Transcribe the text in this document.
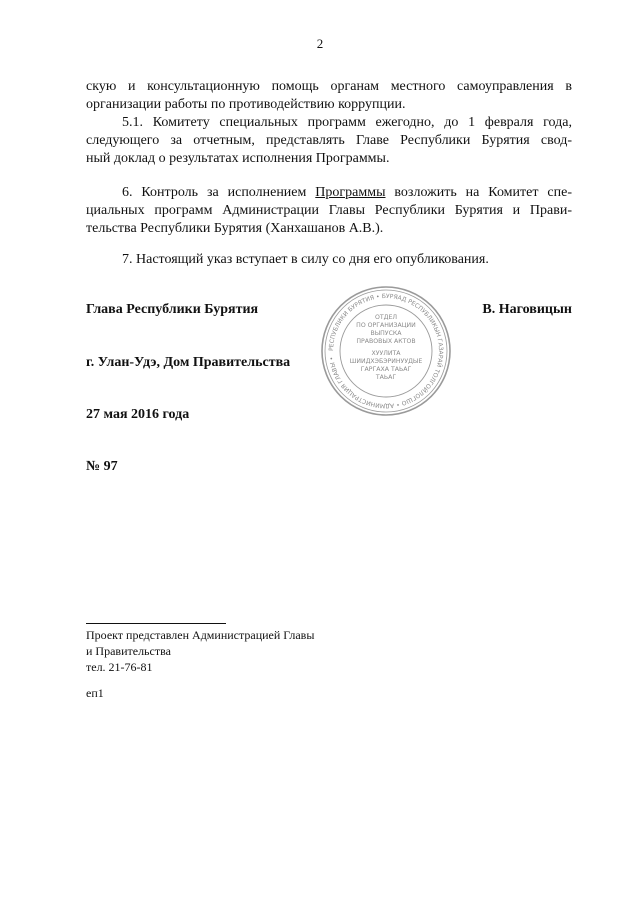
2
скую и консультационную помощь органам местного самоуправления в
организации работы по противодействию коррупции.
5.1. Комитету специальных программ ежегодно, до 1 февраля года,
следующего за отчетным, представлять Главе Республики Бурятия свод-
ный доклад о результатах исполнения Программы.
6. Контроль за исполнением Программы возложить на Комитет спе-
циальных программ Администрации Главы Республики Бурятия и Прави-
тельства Республики Бурятия (Ханхашанов А.В.).
7. Настоящий указ вступает в силу со дня его опубликования.
Глава Республики Бурятия	В. Наговицын
г. Улан-Удэ, Дом Правительства
27 мая 2016 года
№ 97
РЕСПУБЛИКИ БУРЯТИЯ • БУРЯАД РЕСПУБЛИКЫН ГАЗАРАЙ ТОЛГОЙЛОГШО • АДМИНИСТРАЦИЯ ГЛАВЫ •
ОТДЕЛ
ПО ОРГАНИЗАЦИИ
ВЫПУСКА
ПРАВОВЫХ АКТОВ
ХУУЛИТА
ШИИДХЭБЭРИНУУДЫЕ
ГАРГАХА ТАЬАГ
ТАЬАГ
Проект представлен Администрацией Главы
и Правительства
тел. 21-76-81
еп1
